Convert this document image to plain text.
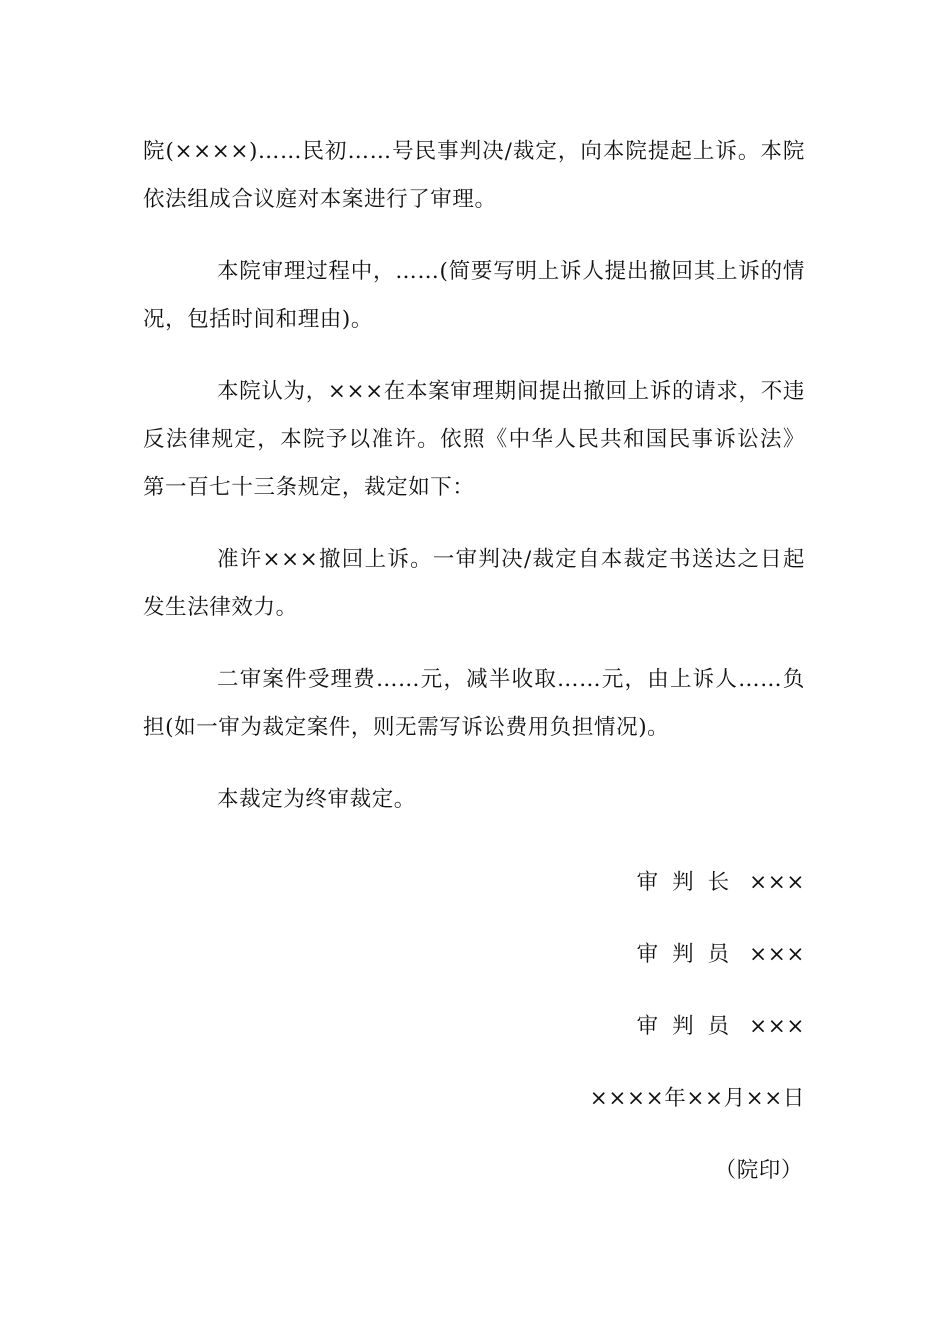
院(××××)……民初……号民事判决/裁定，向本院提起上诉。本院依法组成合议庭对本案进行了审理。

本院审理过程中，……(简要写明上诉人提出撤回其上诉的情况，包括时间和理由)。

本院认为，×××在本案审理期间提出撤回上诉的请求，不违反法律规定，本院予以准许。依照《中华人民共和国民事诉讼法》第一百七十三条规定，裁定如下：

准许×××撤回上诉。一审判决/裁定自本裁定书送达之日起发生法律效力。

二审案件受理费……元，减半收取……元，由上诉人……负担(如一审为裁定案件，则无需写诉讼费用负担情况)。

本裁定为终审裁定。

审判长 ×××
审判员 ×××
审判员 ×××
××××年××月××日
（院印）
